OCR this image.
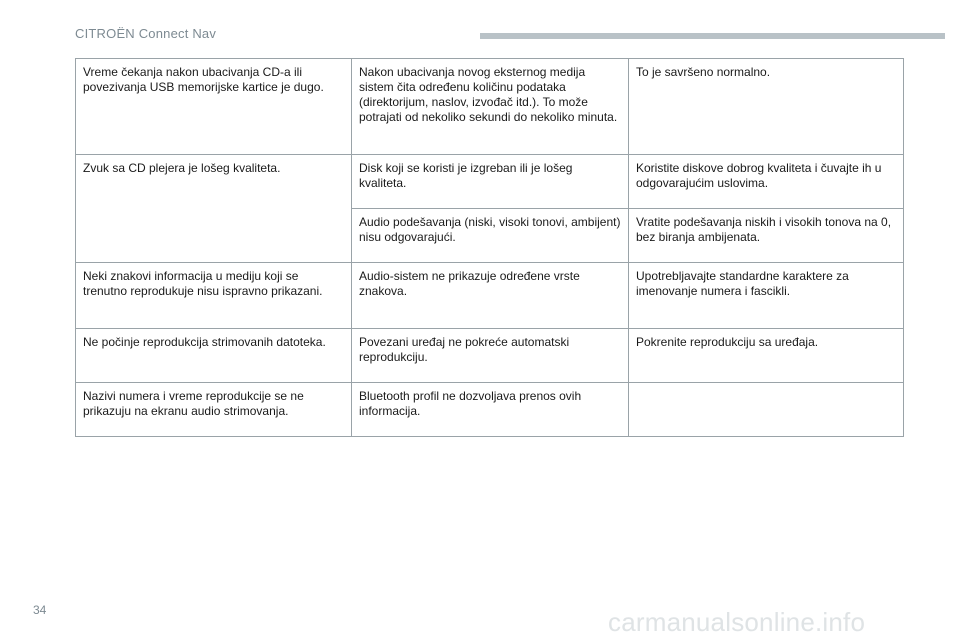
CITROËN Connect Nav
Vreme čekanja nakon ubacivanja CD-a ili povezivanja USB memorijske kartice je dugo.	Nakon ubacivanja novog eksternog medija sistem čita određenu količinu podataka (direktorijum, naslov, izvođač itd.). To može potrajati od nekoliko sekundi do nekoliko minuta.	To je savršeno normalno.
Zvuk sa CD plejera je lošeg kvaliteta.	Disk koji se koristi je izgreban ili je lošeg kvaliteta.	Koristite diskove dobrog kvaliteta i čuvajte ih u odgovarajućim uslovima.
	Audio podešavanja (niski, visoki tonovi, ambijent) nisu odgovarajući.	Vratite podešavanja niskih i visokih tonova na 0, bez biranja ambijenata.
Neki znakovi informacija u mediju koji se trenutno reprodukuje nisu ispravno prikazani.	Audio-sistem ne prikazuje određene vrste znakova.	Upotrebljavajte standardne karaktere za imenovanje numera i fascikli.
Ne počinje reprodukcija strimovanih datoteka.	Povezani uređaj ne pokreće automatski reprodukciju.	Pokrenite reprodukciju sa uređaja.
Nazivi numera i vreme reprodukcije se ne prikazuju na ekranu audio strimovanja.	Bluetooth profil ne dozvoljava prenos ovih informacija.	
34	carmanualsonline.info
